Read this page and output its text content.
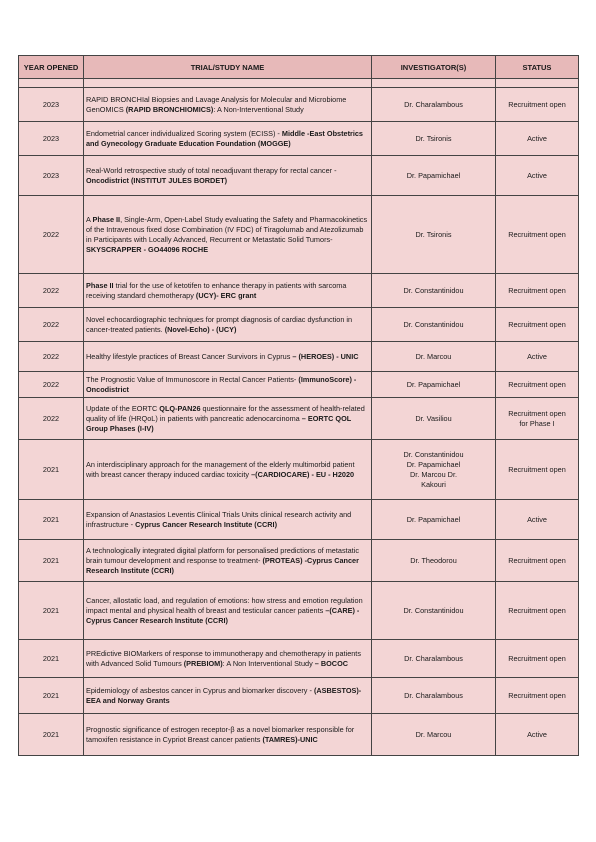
YEAR OPENED	TRIAL/STUDY NAME	INVESTIGATOR(S)	STATUS

2023	RAPID BRONCHIal Biopsies and Lavage Analysis for Molecular and Microbiome GenOMICS (RAPID BRONCHIOMICS): A Non-Interventional Study	Dr. Charalambous	Recruitment open

2023	Endometrial cancer individualized Scoring system (ECISS) - Middle -East Obstetrics and Gynecology Graduate Education Foundation (MOGGE)	Dr. Tsironis	Active

2023	Real-World retrospective study of total neoadjuvant therapy for rectal cancer - Oncodistrict (INSTITUT JULES BORDET)	Dr. Papamichael	Active

2022	A Phase II, Single-Arm, Open-Label Study evaluating the Safety and Pharmacokinetics of the Intravenous fixed dose Combination (IV FDC) of Tiragolumab and Atezolizumab in Participants with Locally Advanced, Recurrent or Metastatic Solid Tumors- SKYSCRAPPER - GO44096 ROCHE	Dr. Tsironis	Recruitment open

2022	Phase II trial for the use of ketotifen to enhance therapy in patients with sarcoma receiving standard chemotherapy (UCY)- ERC grant	Dr. Constantinidou	Recruitment open

2022	Novel echocardiographic techniques for prompt diagnosis of cardiac dysfunction in cancer-treated patients. (Novel-Echo) - (UCY)	Dr. Constantinidou	Recruitment open

2022	Healthy lifestyle practices of Breast Cancer Survivors in Cyprus – (HEROES) - UNIC	Dr. Marcou	Active

2022	The Prognostic Value of Immunoscore in Rectal Cancer Patients- (ImmunoScore) - Oncodistrict	Dr. Papamichael	Recruitment open

2022	Update of the EORTC QLQ-PAN26 questionnaire for the assessment of health-related quality of life (HRQoL) in patients with pancreatic adenocarcinoma – EORTC QOL Group Phases (I-IV)	Dr. Vasiliou	Recruitment open
for Phase I

2021	An interdisciplinary approach for the management of the elderly multimorbid patient with breast cancer therapy induced cardiac toxicity –(CARDIOCARE) - EU - H2020	Dr. Constantinidou
Dr. Papamichael
Dr. Marcou Dr.
Kakouri	Recruitment open

2021	Expansion of Anastasios Leventis Clinical Trials Units clinical research activity and infrastructure - Cyprus Cancer Research Institute (CCRI)	Dr. Papamichael	Active

2021	A technologically integrated digital platform for personalised predictions of metastatic brain tumour development and response to treatment- (PROTEAS) -Cyprus Cancer Research Institute (CCRI)	Dr. Theodorou	Recruitment open

2021	Cancer, allostatic load, and regulation of emotions: how stress and emotion regulation impact mental and physical health of breast and testicular cancer patients –(CARE) - Cyprus Cancer Research Institute (CCRI)	Dr. Constantinidou	Recruitment open

2021	PREdictive BIOMarkers of response to immunotherapy and chemotherapy in patients with Advanced Solid Tumours (PREBIOM): A Non Interventional Study – BOCOC	Dr. Charalambous	Recruitment open

2021	Epidemiology of asbestos cancer in Cyprus and biomarker discovery - (ASBESTOS)- EEA and Norway Grants	Dr. Charalambous	Recruitment open

2021	Prognostic significance of estrogen receptor-β as a novel biomarker responsible for tamoxifen resistance in Cypriot Breast cancer patients (TAMRES)-UNIC	Dr. Marcou	Active
